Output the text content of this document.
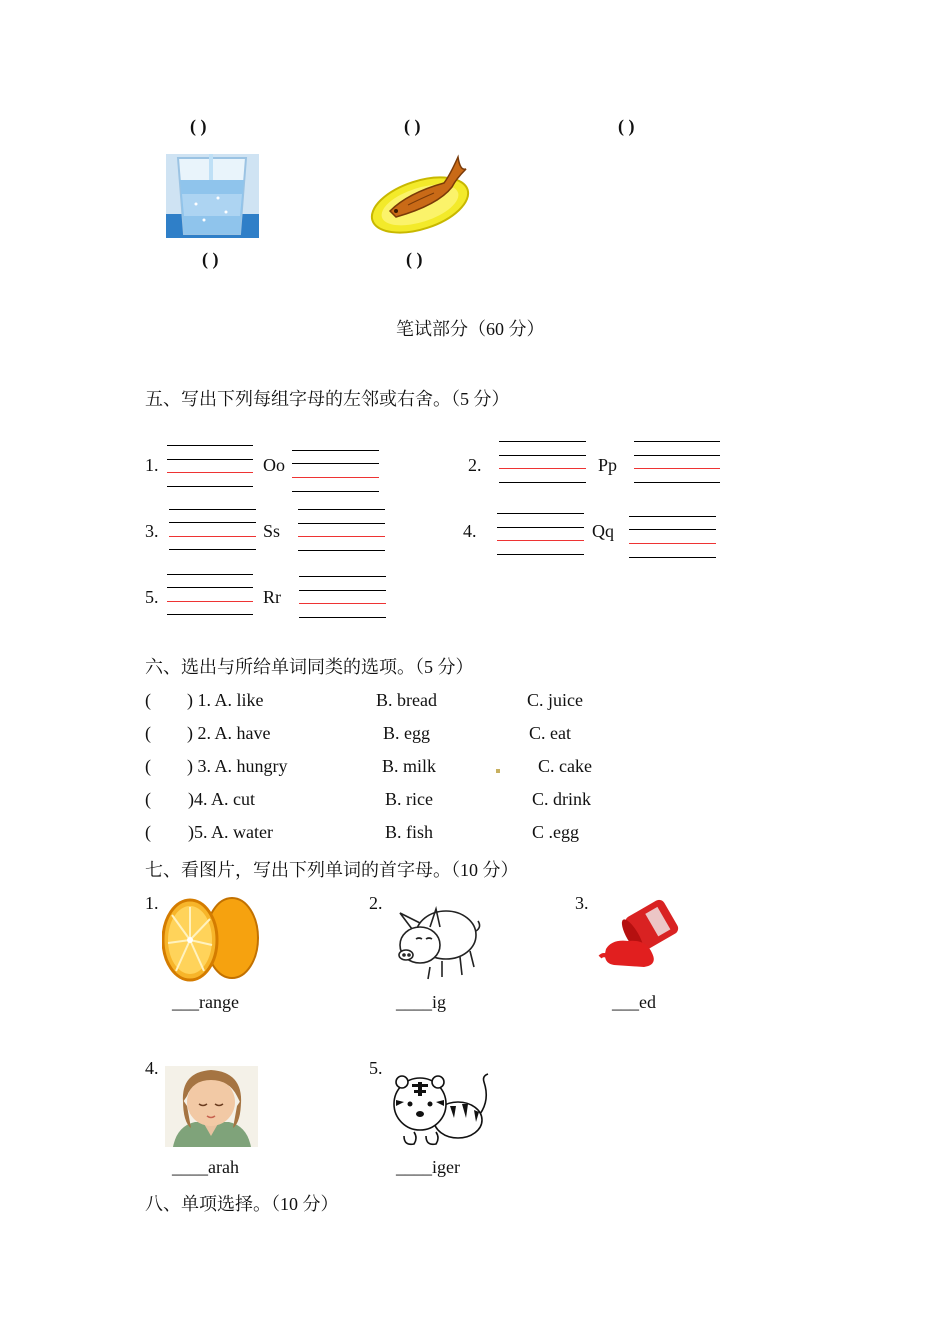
( )	( )	( )
( )	( )
笔试部分（60 分）
五、写出下列每组字母的左邻或右舍。（5 分）
1.	Oo	2.	Pp
3.	Ss	4.	Qq
5.	Rr
六、选出与所给单词同类的选项。（5 分）
( ) 1. A. like	B. bread	C. juice
( ) 2. A. have	B. egg	C. eat
( ) 3. A. hungry	B. milk	C. cake
( )4. A. cut	B. rice	C. drink
( )5. A. water	B. fish	C .egg
七、看图片，写出下列单词的首字母。（10 分）
1.
___range
2.
____ig
3.
___ed
4.
____arah
5.
____iger
八、单项选择。（10 分）
